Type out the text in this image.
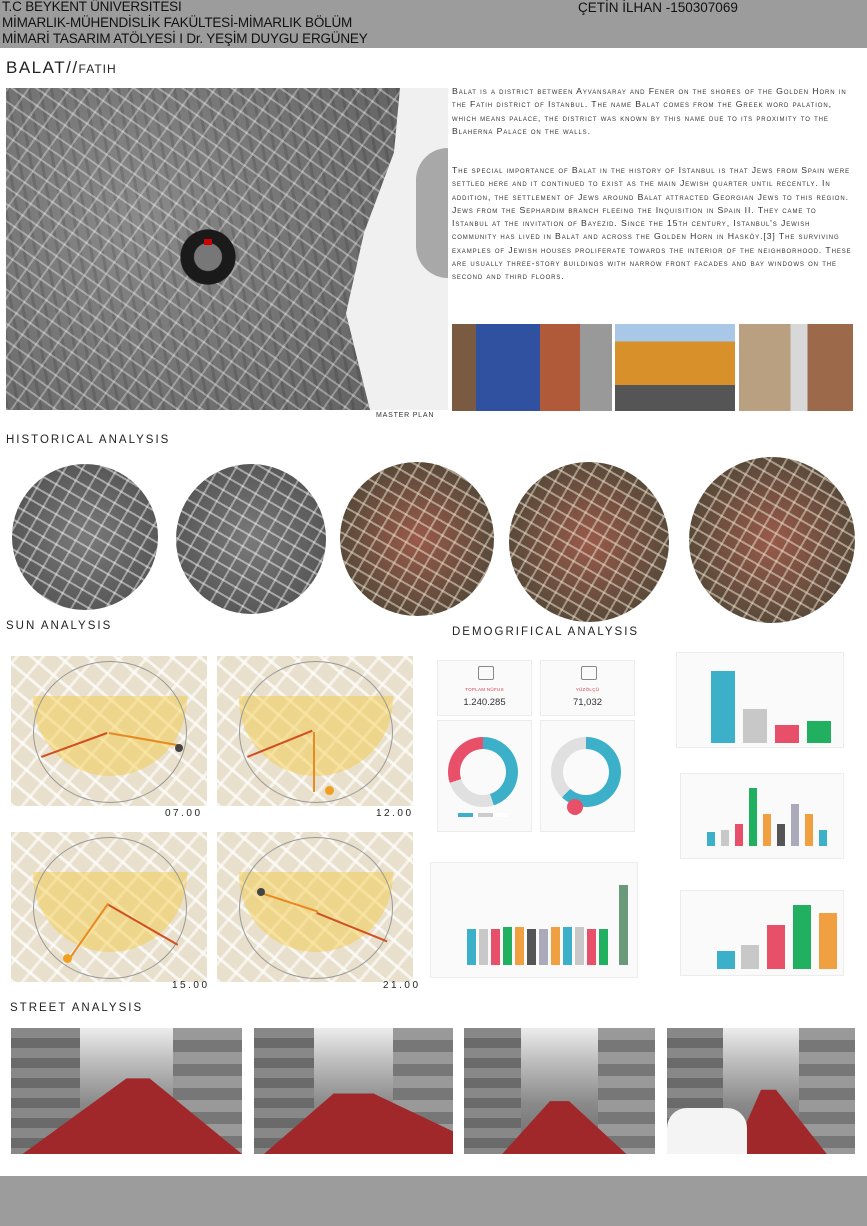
T.C BEYKENT ÜNİVERSİTESİ
MİMARLIK-MÜHENDİSLİK FAKÜLTESİ-MİMARLIK BÖLÜM
MİMARİ TASARIM ATÖLYESİ I Dr. YEŞİM DUYGU ERGÜNEY
ÇETİN İLHAN -150307069
BALAT//FATIH
MASTER PLAN
Balat is a district between Ayvansaray and Fener on the shores of the Golden Horn in the Fatih district of Istanbul. The name Balat comes from the Greek word palation, which means palace, the district was known by this name due to its proximity to the Blaherna Palace on the walls.
The special importance of Balat in the history of Istanbul is that Jews from Spain were settled here and it continued to exist as the main Jewish quarter until recently. In addition, the settlement of Jews around Balat attracted Georgian Jews to this region. Jews from the Sephardim branch fleeing the Inquisition in Spain II. They came to Istanbul at the invitation of Bayezid. Since the 15th century, Istanbul's Jewish community has lived in Balat and across the Golden Horn in Hasköy.[3] The surviving examples of Jewish houses proliferate towards the interior of the neighborhood. These are usually three-story buildings with narrow front facades and bay windows on the second and third floors.
HISTORICAL ANALYSIS
SUN ANALYSIS
07.00	12.00
15.00	21.00
DEMOGRIFICAL ANALYSIS
TOPLAM NÜFUS
1.240.285
YÜZÖLÇÜ
71,032
STREET ANALYSIS
